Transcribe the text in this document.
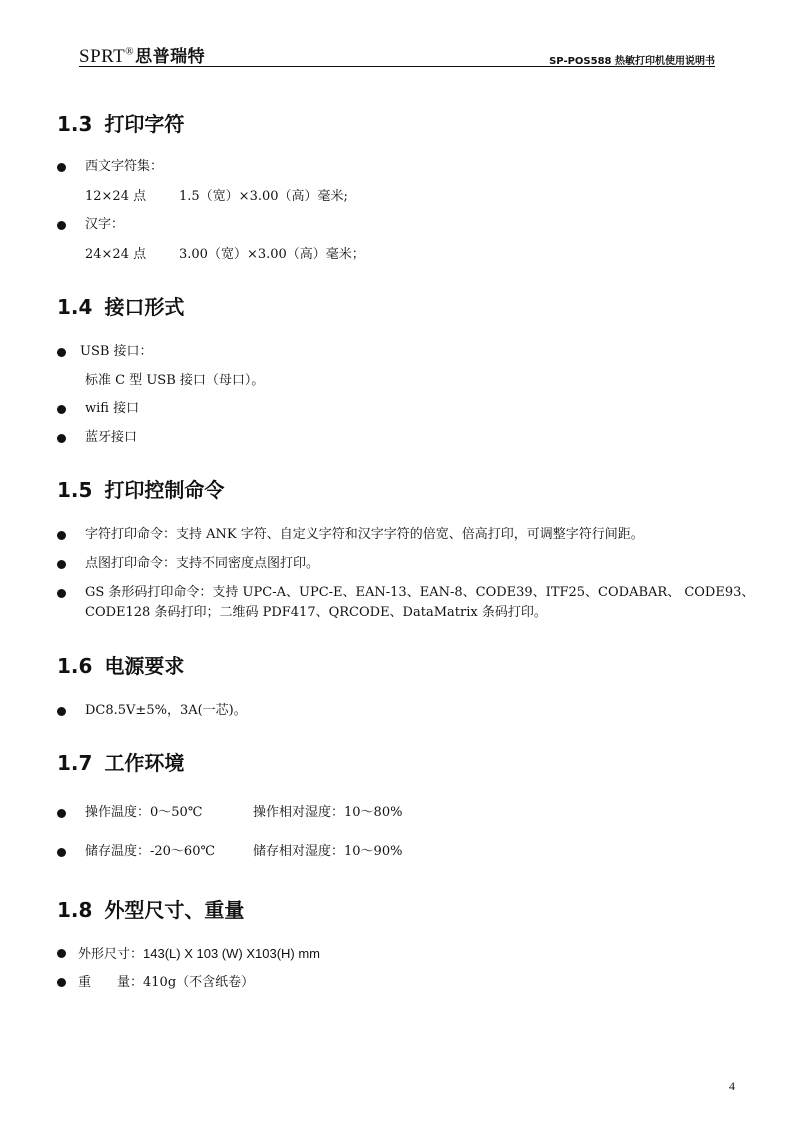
SPRT®思普瑞特	SP-POS588 热敏打印机使用说明书
1.3 打印字符
西文字符集：
12×24 点	1.5（宽）×3.00（高）毫米;
汉字：
24×24 点	3.00（宽）×3.00（高）毫米；
1.4 接口形式
USB 接口：
标准 C 型 USB 接口（母口）。
wifi 接口
蓝牙接口
1.5 打印控制命令
字符打印命令：支持 ANK 字符、自定义字符和汉字字符的倍宽、倍高打印，可调整字符行间距。
点图打印命令：支持不同密度点图打印。
GS 条形码打印命令：支持 UPC-A、UPC-E、EAN-13、EAN-8、CODE39、ITF25、CODABAR、 CODE93、
CODE128 条码打印；二维码 PDF417、QRCODE、DataMatrix 条码打印。
1.6 电源要求
DC8.5V±5%，3A(一芯)。
1.7 工作环境
操作温度：0～50℃	操作相对湿度：10～80%
储存温度：-20～60℃	储存相对湿度：10～90%
1.8 外型尺寸、重量
外形尺寸：143(L) X 103 (W) X103(H) mm
重　　量：410g（不含纸卷）
4
